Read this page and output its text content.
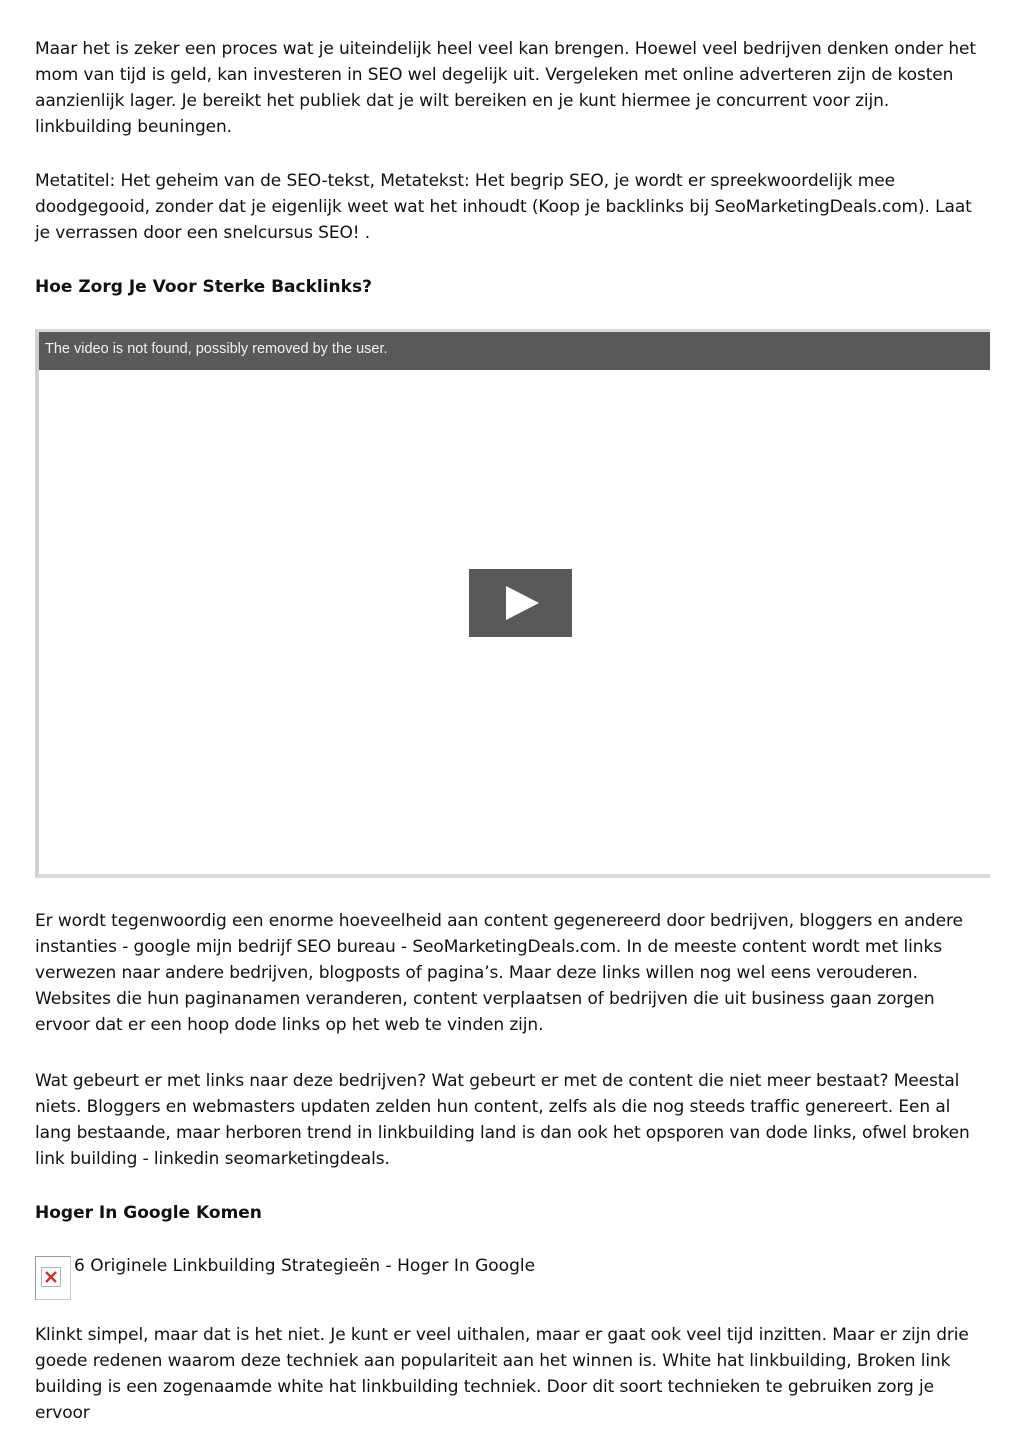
Maar het is zeker een proces wat je uiteindelijk heel veel kan brengen. Hoewel veel bedrijven denken onder het mom van tijd is geld, kan investeren in SEO wel degelijk uit. Vergeleken met online adverteren zijn de kosten aanzienlijk lager. Je bereikt het publiek dat je wilt bereiken en je kunt hiermee je concurrent voor zijn. linkbuilding beuningen.

Metatitel: Het geheim van de SEO-tekst, Metatekst: Het begrip SEO, je wordt er spreekwoordelijk mee doodgegooid, zonder dat je eigenlijk weet wat het inhoudt (Koop je backlinks bij SeoMarketingDeals.com). Laat je verrassen door een snelcursus SEO! .

Hoe Zorg Je Voor Sterke Backlinks?

The video is not found, possibly removed by the user.

Er wordt tegenwoordig een enorme hoeveelheid aan content gegenereerd door bedrijven, bloggers en andere instanties - google mijn bedrijf SEO bureau - SeoMarketingDeals.com. In de meeste content wordt met links verwezen naar andere bedrijven, blogposts of pagina’s. Maar deze links willen nog wel eens verouderen. Websites die hun paginanamen veranderen, content verplaatsen of bedrijven die uit business gaan zorgen ervoor dat er een hoop dode links op het web te vinden zijn.

Wat gebeurt er met links naar deze bedrijven? Wat gebeurt er met de content die niet meer bestaat? Meestal niets. Bloggers en webmasters updaten zelden hun content, zelfs als die nog steeds traffic genereert. Een al lang bestaande, maar herboren trend in linkbuilding land is dan ook het opsporen van dode links, ofwel broken link building - linkedin seomarketingdeals.

Hoger In Google Komen

6 Originele Linkbuilding Strategieën - Hoger In Google

Klinkt simpel, maar dat is het niet. Je kunt er veel uithalen, maar er gaat ook veel tijd inzitten. Maar er zijn drie goede redenen waarom deze techniek aan populariteit aan het winnen is. White hat linkbuilding, Broken link building is een zogenaamde white hat linkbuilding techniek. Door dit soort technieken te gebruiken zorg je ervoor
